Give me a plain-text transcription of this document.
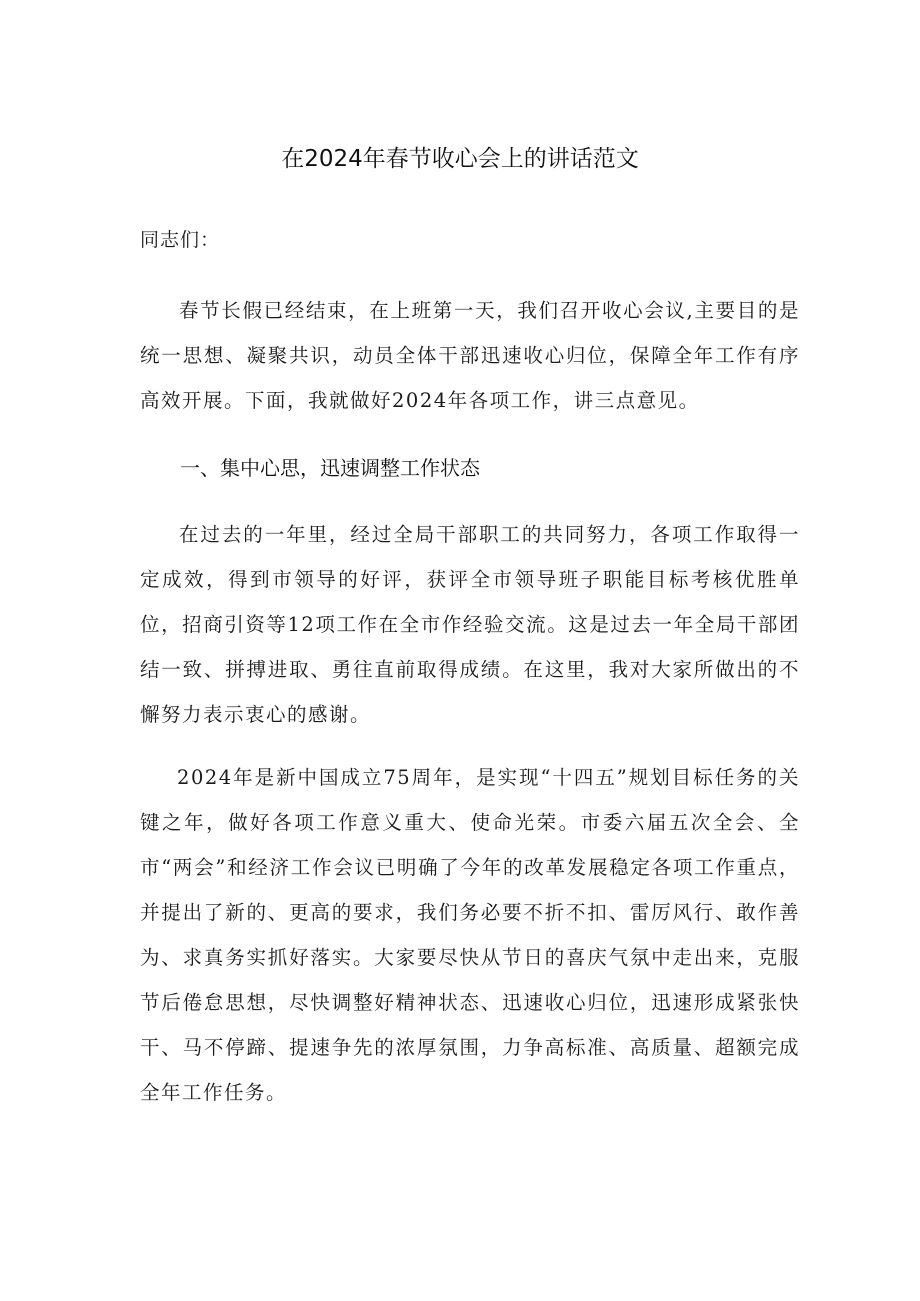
在2024年春节收心会上的讲话范文
同志们：

春节长假已经结束，在上班第一天，我们召开收心会议,主要目的是统一思想、凝聚共识，动员全体干部迅速收心归位，保障全年工作有序高效开展。下面，我就做好2024年各项工作，讲三点意见。

一、集中心思，迅速调整工作状态

在过去的一年里，经过全局干部职工的共同努力，各项工作取得一定成效，得到市领导的好评，获评全市领导班子职能目标考核优胜单位，招商引资等12项工作在全市作经验交流。这是过去一年全局干部团结一致、拼搏进取、勇往直前取得成绩。在这里，我对大家所做出的不懈努力表示衷心的感谢。

2024年是新中国成立75周年，是实现“十四五”规划目标任务的关键之年，做好各项工作意义重大、使命光荣。市委六届五次全会、全市“两会”和经济工作会议已明确了今年的改革发展稳定各项工作重点，并提出了新的、更高的要求，我们务必要不折不扣、雷厉风行、敢作善为、求真务实抓好落实。大家要尽快从节日的喜庆气氛中走出来，克服节后倦怠思想，尽快调整好精神状态、迅速收心归位，迅速形成紧张快干、马不停蹄、提速争先的浓厚氛围，力争高标准、高质量、超额完成全年工作任务。
